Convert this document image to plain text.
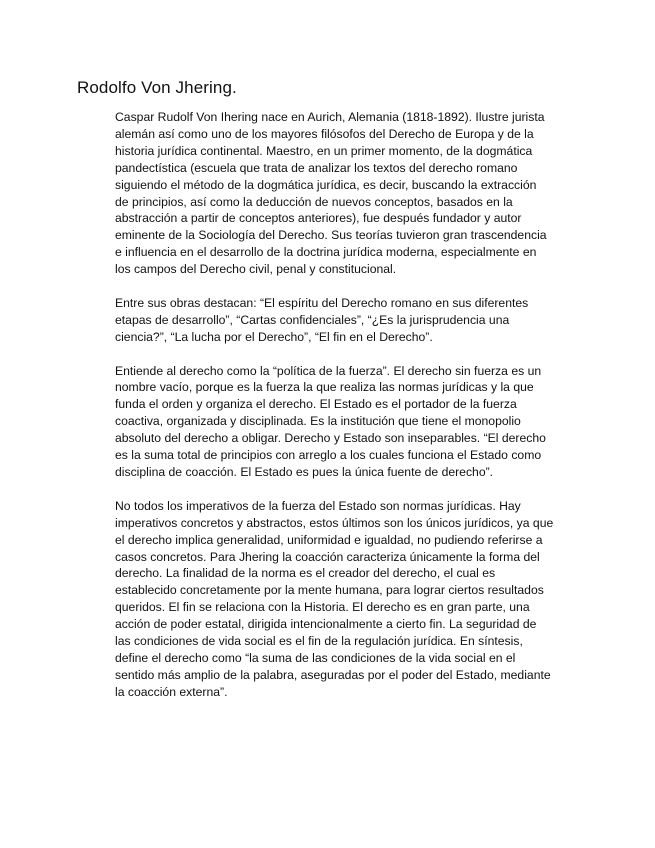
Rodolfo Von Jhering.

Caspar Rudolf Von Ihering nace en Aurich, Alemania (1818-1892). Ilustre jurista
alemán así como uno de los mayores filósofos del Derecho de Europa y de la
historia jurídica continental. Maestro, en un primer momento, de la dogmática
pandectística (escuela que trata de analizar los textos del derecho romano
siguiendo el método de la dogmática jurídica, es decir, buscando la extracción
de principios, así como la deducción de nuevos conceptos, basados en la
abstracción a partir de conceptos anteriores), fue después fundador y autor
eminente de la Sociología del Derecho. Sus teorías tuvieron gran trascendencia
e influencia en el desarrollo de la doctrina jurídica moderna, especialmente en
los campos del Derecho civil, penal y constitucional.

Entre sus obras destacan: “El espíritu del Derecho romano en sus diferentes
etapas de desarrollo”, “Cartas confidenciales”, “¿Es la jurisprudencia una
ciencia?”, “La lucha por el Derecho”, “El fin en el Derecho”.

Entiende al derecho como la “política de la fuerza”. El derecho sin fuerza es un
nombre vacío, porque es la fuerza la que realiza las normas jurídicas y la que
funda el orden y organiza el derecho. El Estado es el portador de la fuerza
coactiva, organizada y disciplinada. Es la institución que tiene el monopolio
absoluto del derecho a obligar. Derecho y Estado son inseparables. “El derecho
es la suma total de principios con arreglo a los cuales funciona el Estado como
disciplina de coacción. El Estado es pues la única fuente de derecho”.

No todos los imperativos de la fuerza del Estado son normas jurídicas. Hay
imperativos concretos y abstractos, estos últimos son los únicos jurídicos, ya que
el derecho implica generalidad, uniformidad e igualdad, no pudiendo referirse a
casos concretos. Para Jhering la coacción caracteriza únicamente la forma del
derecho. La finalidad de la norma es el creador del derecho, el cual es
establecido concretamente por la mente humana, para lograr ciertos resultados
queridos. El fin se relaciona con la Historia. El derecho es en gran parte, una
acción de poder estatal, dirigida intencionalmente a cierto fin. La seguridad de
las condiciones de vida social es el fin de la regulación jurídica. En síntesis,
define el derecho como “la suma de las condiciones de la vida social en el
sentido más amplio de la palabra, aseguradas por el poder del Estado, mediante
la coacción externa”.
